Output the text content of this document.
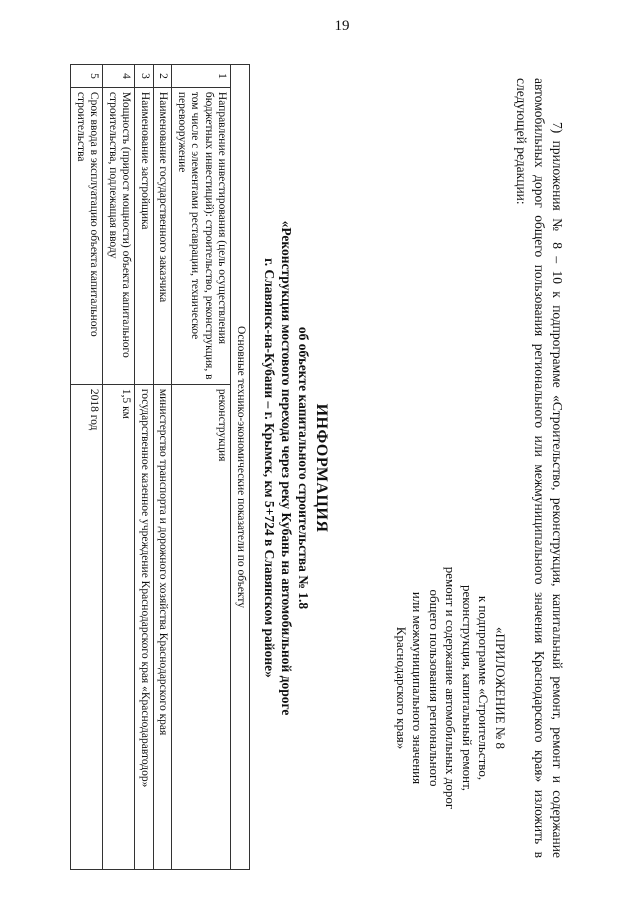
19

7) приложения № 8 – 10 к подпрограмме «Строительство, реконструкция, капитальный ремонт, ремонт и содержание автомобильных дорог общего пользования регионального или межмуниципального значения Краснодарского края» изложить в следующей редакции:

«ПРИЛОЖЕНИЕ № 8
к подпрограмме «Строительство,
реконструкция, капитальный ремонт,
ремонт и содержание автомобильных дорог
общего пользования регионального
или межмуниципального значения
Краснодарского края»
ИНФОРМАЦИЯ
об объекте капитального строительства № 1.8
«Реконструкция мостового перехода через реку Кубань на автомобильной дороге
г. Славянск-на-Кубани – г. Крымск, км 5+724 в Славянском районе»
Основные технико-экономические показатели по объекту		
1	Направление инвестирования (цель осуществления бюджетных инвестиций): строительство, реконструкция, в том числе с элементами реставрации, техническое перевооружение	реконструкция
2	Наименование государственного заказчика	министерство транспорта и дорожного хозяйства Краснодарского края
3	Наименование застройщика	государственное казенное учреждение Краснодарского края «Краснодаравтодор»
4	Мощность (прирост мощности) объекта капитального строительства, подлежащая вводу	1,5 км
5	Срок ввода в эксплуатацию объекта капитального строительства	2018 год
